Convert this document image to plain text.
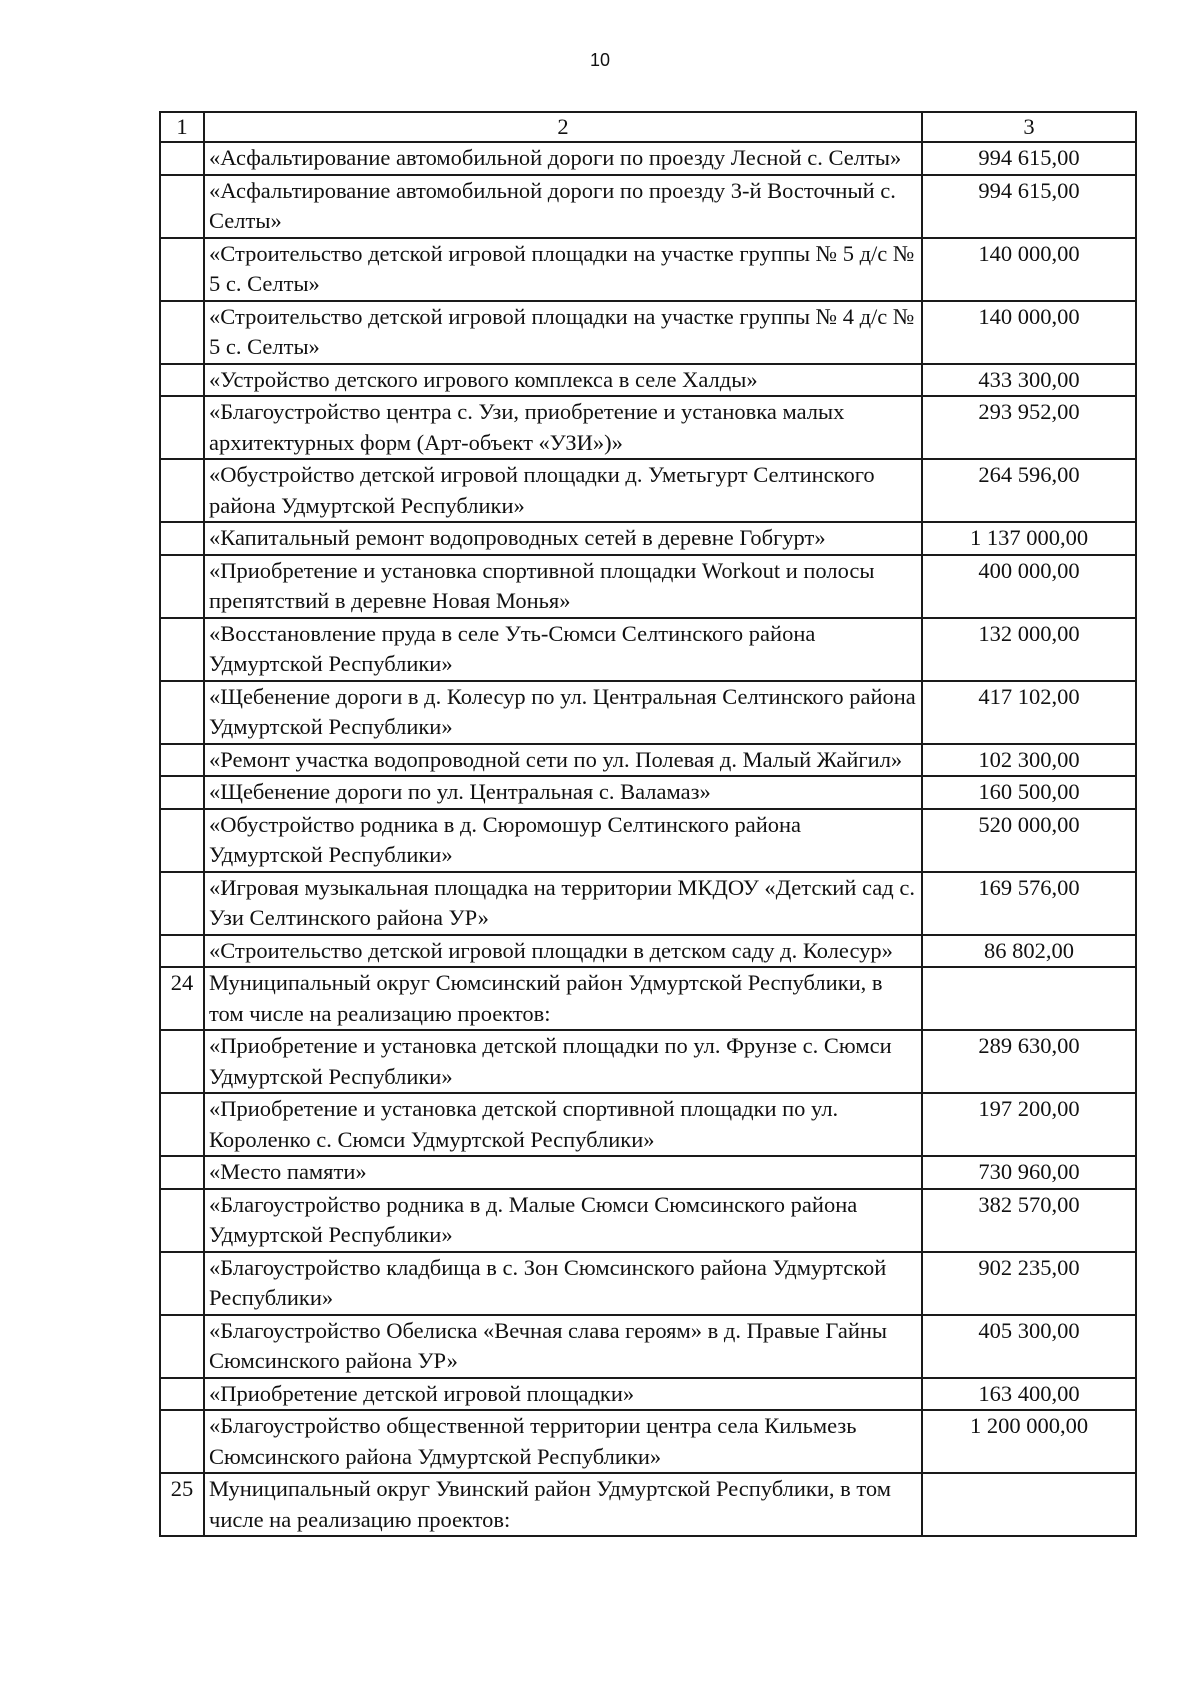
10
1	2	3
	«Асфальтирование автомобильной дороги по проезду Лесной с. Селты»	994 615,00
	«Асфальтирование автомобильной дороги по проезду 3-й Восточный с. Селты»	994 615,00
	«Строительство детской игровой площадки на участке группы № 5 д/с № 5 с. Селты»	140 000,00
	«Строительство детской игровой площадки на участке группы № 4 д/с № 5 с. Селты»	140 000,00
	«Устройство детского игрового комплекса в селе Халды»	433 300,00
	«Благоустройство центра с. Узи, приобретение и установка малых архитектурных форм (Арт-объект «УЗИ»)»	293 952,00
	«Обустройство детской игровой площадки д. Уметьгурт Селтинского района Удмуртской Республики»	264 596,00
	«Капитальный ремонт водопроводных сетей в деревне Гобгурт»	1 137 000,00
	«Приобретение и установка спортивной площадки Workout и полосы препятствий в деревне Новая Монья»	400 000,00
	«Восстановление пруда в селе Уть-Сюмси Селтинского района Удмуртской Республики»	132 000,00
	«Щебенение дороги в д. Колесур по ул. Центральная Селтинского района Удмуртской Республики»	417 102,00
	«Ремонт участка водопроводной сети по ул. Полевая д. Малый Жайгил»	102 300,00
	«Щебенение дороги по ул. Центральная с. Валамаз»	160 500,00
	«Обустройство родника в д. Сюромошур Селтинского района Удмуртской Республики»	520 000,00
	«Игровая музыкальная площадка на территории МКДОУ «Детский сад с. Узи Селтинского района УР»	169 576,00
	«Строительство детской игровой площадки в детском саду д. Колесур»	86 802,00
24	Муниципальный округ Сюмсинский район Удмуртской Республики, в том числе на реализацию проектов:	
	«Приобретение и установка детской площадки по ул. Фрунзе с. Сюмси Удмуртской Республики»	289 630,00
	«Приобретение и установка детской спортивной площадки по ул. Короленко с. Сюмси Удмуртской Республики»	197 200,00
	«Место памяти»	730 960,00
	«Благоустройство родника в д. Малые Сюмси Сюмсинского района Удмуртской Республики»	382 570,00
	«Благоустройство кладбища в с. Зон Сюмсинского района Удмуртской Республики»	902 235,00
	«Благоустройство Обелиска «Вечная слава героям» в д. Правые Гайны Сюмсинского района УР»	405 300,00
	«Приобретение детской игровой площадки»	163 400,00
	«Благоустройство общественной территории центра села Кильмезь Сюмсинского района Удмуртской Республики»	1 200 000,00
25	Муниципальный округ Увинский район Удмуртской Республики, в том числе на реализацию проектов:	
